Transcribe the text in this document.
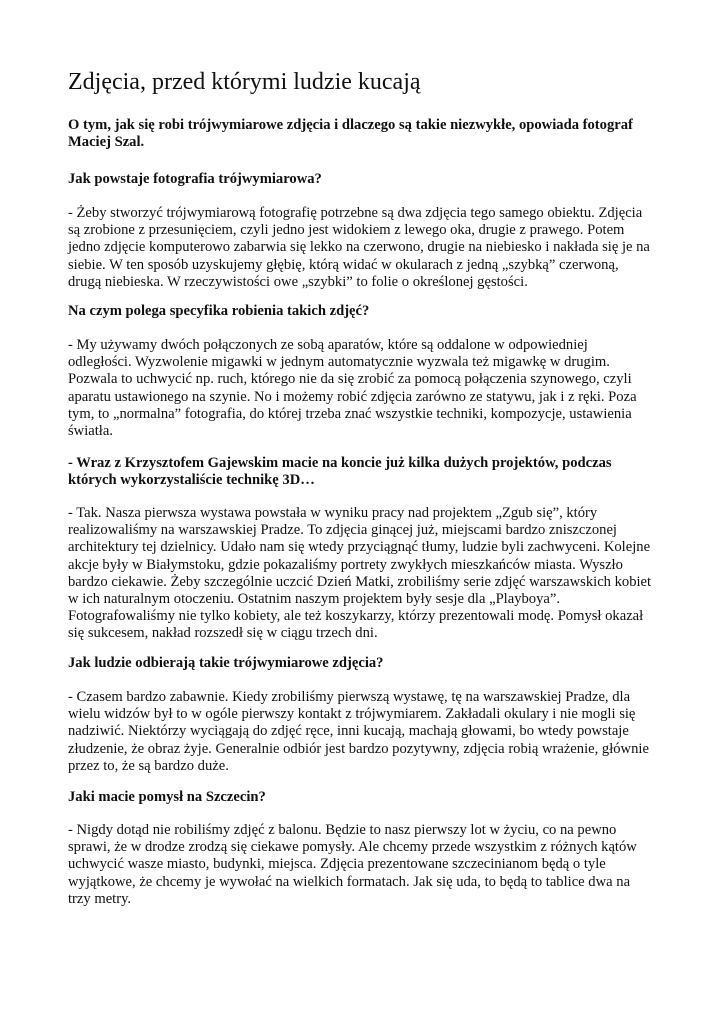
Zdjęcia, przed którymi ludzie kucają

O tym, jak się robi trójwymiarowe zdjęcia i dlaczego są takie niezwykłe, opowiada fotograf
Maciej Szal.

Jak powstaje fotografia trójwymiarowa?

- Żeby stworzyć trójwymiarową fotografię potrzebne są dwa zdjęcia tego samego obiektu. Zdjęcia
są zrobione z przesunięciem, czyli jedno jest widokiem z lewego oka, drugie z prawego. Potem
jedno zdjęcie komputerowo zabarwia się lekko na czerwono, drugie na niebiesko i nakłada się je na
siebie. W ten sposób uzyskujemy głębię, którą widać w okularach z jedną „szybką” czerwoną,
drugą niebieska. W rzeczywistości owe „szybki” to folie o określonej gęstości.

Na czym polega specyfika robienia takich zdjęć?

- My używamy dwóch połączonych ze sobą aparatów, które są oddalone w odpowiedniej
odległości. Wyzwolenie migawki w jednym automatycznie wyzwala też migawkę w drugim.
Pozwala to uchwycić np. ruch, którego nie da się zrobić za pomocą połączenia szynowego, czyli
aparatu ustawionego na szynie. No i możemy robić zdjęcia zarówno ze statywu, jak i z ręki. Poza
tym, to „normalna” fotografia, do której trzeba znać wszystkie techniki, kompozycje, ustawienia
światła.

- Wraz z Krzysztofem Gajewskim macie na koncie już kilka dużych projektów, podczas
których wykorzystaliście technikę 3D…

- Tak. Nasza pierwsza wystawa powstała w wyniku pracy nad projektem „Zgub się”, który
realizowaliśmy na warszawskiej Pradze. To zdjęcia ginącej już, miejscami bardzo zniszczonej
architektury tej dzielnicy. Udało nam się wtedy przyciągnąć tłumy, ludzie byli zachwyceni. Kolejne
akcje były w Białymstoku, gdzie pokazaliśmy portrety zwykłych mieszkańców miasta. Wyszło
bardzo ciekawie. Żeby szczególnie uczcić Dzień Matki, zrobiliśmy serie zdjęć warszawskich kobiet
w ich naturalnym otoczeniu. Ostatnim naszym projektem były sesje dla „Playboya”.
Fotografowaliśmy nie tylko kobiety, ale też koszykarzy, którzy prezentowali modę. Pomysł okazał
się sukcesem, nakład rozszedł się w ciągu trzech dni.

Jak ludzie odbierają takie trójwymiarowe zdjęcia?

- Czasem bardzo zabawnie. Kiedy zrobiliśmy pierwszą wystawę, tę na warszawskiej Pradze, dla
wielu widzów był to w ogóle pierwszy kontakt z trójwymiarem. Zakładali okulary i nie mogli się
nadziwić. Niektórzy wyciągają do zdjęć ręce, inni kucają, machają głowami, bo wtedy powstaje
złudzenie, że obraz żyje. Generalnie odbiór jest bardzo pozytywny, zdjęcia robią wrażenie, głównie
przez to, że są bardzo duże.

Jaki macie pomysł na Szczecin?

- Nigdy dotąd nie robiliśmy zdjęć z balonu. Będzie to nasz pierwszy lot w życiu, co na pewno
sprawi, że w drodze zrodzą się ciekawe pomysły. Ale chcemy przede wszystkim z różnych kątów
uchwycić wasze miasto, budynki, miejsca. Zdjęcia prezentowane szczecinianom będą o tyle
wyjątkowe, że chcemy je wywołać na wielkich formatach. Jak się uda, to będą to tablice dwa na
trzy metry.
